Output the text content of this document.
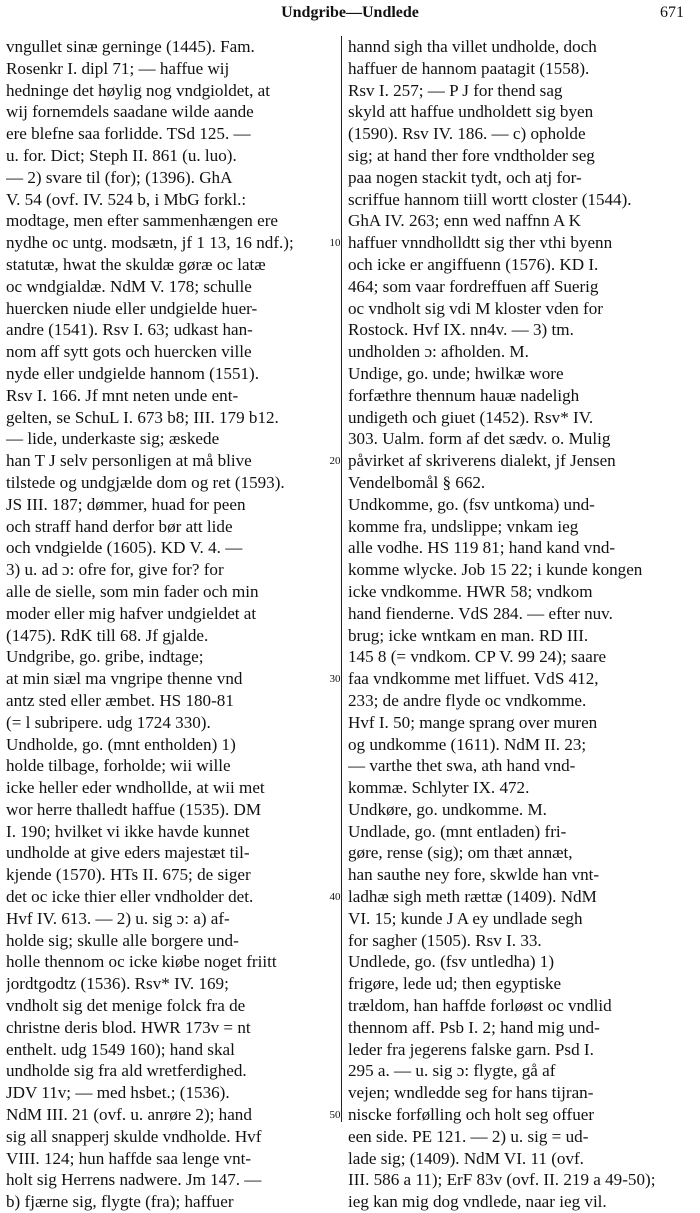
Undgribe—Undlede	671
vngullet sinæ gerninge (1445). Fam.
Rosenkr I. dipl 71; — haffue wij
hedninge det høylig nog vndgioldet, at
wij fornemdels saadane wilde aande
ere blefne saa forlidde. TSd 125. —
u. for. Dict; Steph II. 861 (u. luo).
— 2) svare til (for); (1396). GhA
V. 54 (ovf. IV. 524 b, i MbG forkl.:
modtage, men efter sammenhængen ere
nydhe oc untg. modsætn, jf 1 13, 16 ndf.);
statutæ, hwat the skuldæ gøræ oc latæ
oc wndgialdæ. NdM V. 178; schulle
huercken niude eller undgielde huer-
andre (1541). Rsv I. 63; udkast han-
nom aff sytt gots och huercken ville
nyde eller undgielde hannom (1551).
Rsv I. 166. Jf mnt neten unde ent-
gelten, se SchuL I. 673 b8; III. 179 b12.
— lide, underkaste sig; æskede
han T J selv personligen at må blive
tilstede og undgjælde dom og ret (1593).
JS III. 187; dømmer, huad for peen
och straff hand derfor bør att lide
och vndgielde (1605). KD V. 4. —
3) u. ad ɔ: ofre for, give for? for
alle de sielle, som min fader och min
moder eller mig hafver undgieldet at
(1475). RdK till 68. Jf gjalde.
Undgribe, go. gribe, indtage;
at min siæl ma vngripe thenne vnd
antz sted eller æmbet. HS 180-81
(= l subripere. udg 1724 330).
Undholde, go. (mnt entholden) 1)
holde tilbage, forholde; wii wille
icke heller eder wndhollde, at wii met
wor herre thalledt haffue (1535). DM
I. 190; hvilket vi ikke havde kunnet
undholde at give eders majestæt til-
kjende (1570). HTs II. 675; de siger
det oc icke thier eller vndholder det.
Hvf IV. 613. — 2) u. sig ɔ: a) af-
holde sig; skulle alle borgere und-
holle thennom oc icke kiøbe noget friitt
jordtgodtz (1536). Rsv* IV. 169;
vndholt sig det menige folck fra de
christne deris blod. HWR 173v = nt
enthelt. udg 1549 160); hand skal
undholde sig fra ald wretferdighed.
JDV 11v; — med hsbet.; (1536).
NdM III. 21 (ovf. u. anrøre 2); hand
sig all snapperj skulde vndholde. Hvf
VIII. 124; hun haffde saa lenge vnt-
holt sig Herrens nadwere. Jm 147. —
b) fjærne sig, flygte (fra); haffuer
hannd sigh tha villet undholde, doch
haffuer de hannom paatagit (1558).
Rsv I. 257; — P J for thend sag
skyld att haffue undholdett sig byen
(1590). Rsv IV. 186. — c) opholde
sig; at hand ther fore vndtholder seg
paa nogen stackit tydt, och atj for-
scriffue hannom tiill wortt closter (1544).
GhA IV. 263; enn wed naffnn A K
haffuer vnndholldtt sig ther vthi byenn
och icke er angiffuenn (1576). KD I.
464; som vaar fordreffuen aff Suerig
oc vndholt sig vdi M kloster vden for
Rostock. Hvf IX. nn4v. — 3) tm.
undholden ɔ: afholden. M.
Undige, go. unde; hwilkæ wore
forfæthre thennum hauæ nadeligh
undigeth och giuet (1452). Rsv* IV.
303. Ualm. form af det sædv. o. Mulig
påvirket af skriverens dialekt, jf Jensen
Vendelbomål § 662.
Undkomme, go. (fsv untkoma) und-
komme fra, undslippe; vnkam ieg
alle vodhe. HS 119 81; hand kand vnd-
komme wlycke. Job 15 22; i kunde kongen
icke vndkomme. HWR 58; vndkom
hand fienderne. VdS 284. — efter nuv.
brug; icke wntkam en man. RD III.
145 8 (= vndkom. CP V. 99 24); saare
faa vndkomme met liffuet. VdS 412,
233; de andre flyde oc vndkomme.
Hvf I. 50; mange sprang over muren
og undkomme (1611). NdM II. 23;
— varthe thet swa, ath hand vnd-
kommæ. Schlyter IX. 472.
Undkøre, go. undkomme. M.
Undlade, go. (mnt entladen) fri-
gøre, rense (sig); om thæt annæt,
han sauthe ney fore, skwlde han vnt-
ladhæ sigh meth rættæ (1409). NdM
VI. 15; kunde J A ey undlade segh
for sagher (1505). Rsv I. 33.
Undlede, go. (fsv untledha) 1)
frigøre, lede ud; then egyptiske
trældom, han haffde forløøst oc vndlid
thennom aff. Psb I. 2; hand mig und-
leder fra jegerens falske garn. Psd I.
295 a. — u. sig ɔ: flygte, gå af
vejen; wndledde seg for hans tijran-
niscke forfølling och holt seg offuer
een side. PE 121. — 2) u. sig = ud-
lade sig; (1409). NdM VI. 11 (ovf.
III. 586 a 11); ErF 83v (ovf. II. 219 a 49-50);
ieg kan mig dog vndlede, naar ieg vil.
10
20
30
40
50
